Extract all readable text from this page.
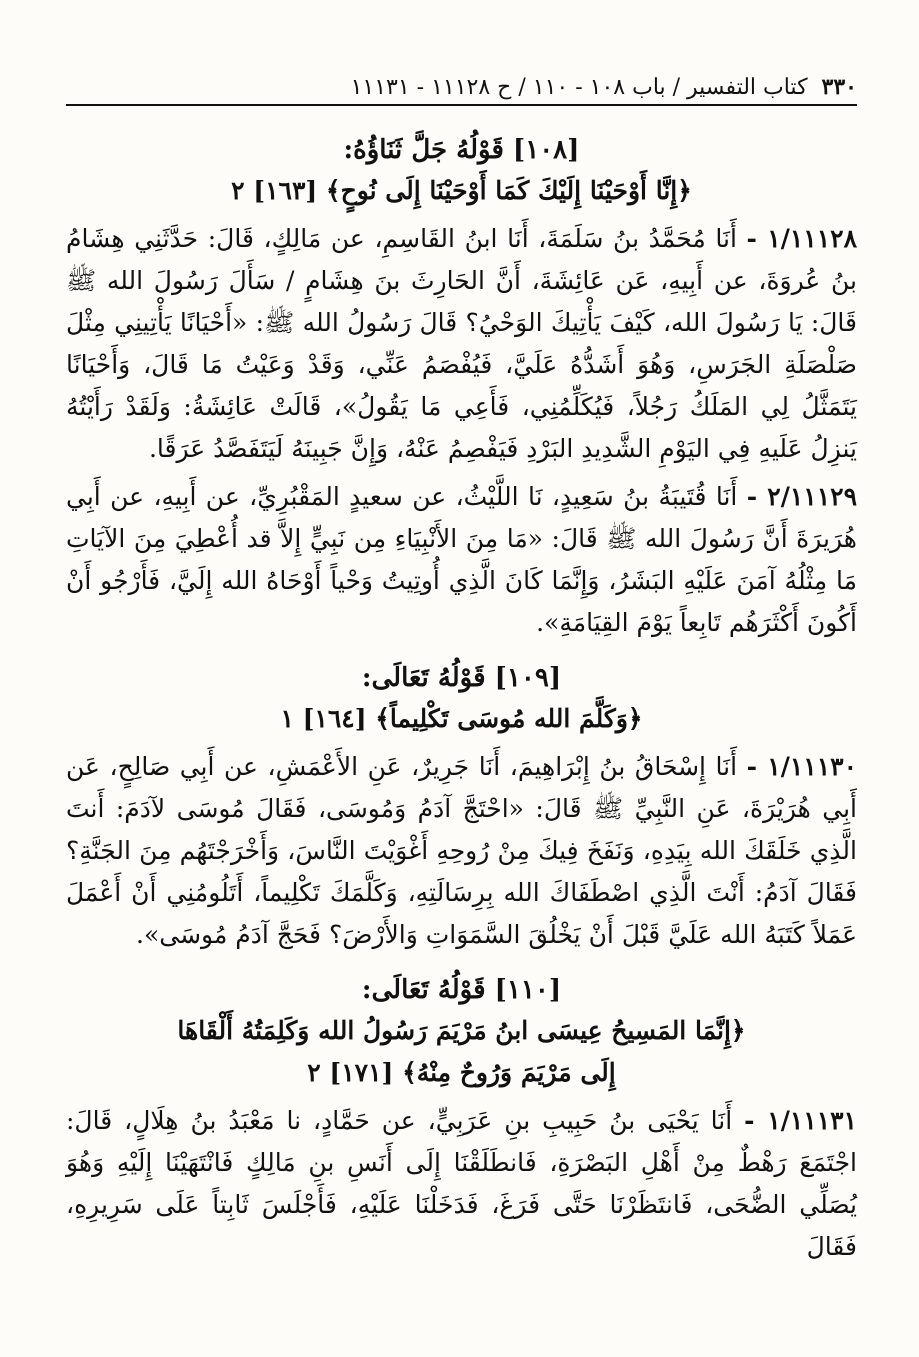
٣٣٠
كتاب التفسير / باب ١٠٨ - ١١٠ / ح ١١١٢٨ - ١١١٣١
[١٠٨] قَوْلُهُ جَلَّ ثَنَاؤُهُ:
﴿إِنَّا أَوْحَيْنَا إِلَيْكَ كَمَا أَوْحَيْنَا إِلَى نُوحٍ﴾ [١٦٣] ٢

١/١١١٢٨ - أَنَا مُحَمَّدُ بنُ سَلَمَةَ، أَنَا ابنُ القَاسِمِ، عن مَالِكٍ، قَالَ: حَدَّثَنِي هِشَامُ بنُ عُروَةَ، عن أَبِيهِ، عَن عَائِشَةَ، أَنَّ الحَارِثَ بنَ هِشَامٍ / سَأَلَ رَسُولَ الله ﷺ قَالَ: يَا رَسُولَ الله، كَيْفَ يَأْتِيكَ الوَحْيُ؟ قَالَ رَسُولُ الله ﷺ: «أَحْيَانًا يَأْتِينِي مِثْلَ صَلْصَلَةِ الجَرَسِ، وَهُوَ أَشَدُّهُ عَلَيَّ، فَيُفْصَمُ عَنِّي، وَقَدْ وَعَيْتُ مَا قَالَ، وَأَحْيَانًا يَتَمَثَّلُ لِي المَلَكُ رَجُلاً، فَيُكَلِّمُنِي، فَأَعِي مَا يَقُولُ»، قَالَتْ عَائِشَةُ: وَلَقَدْ رَأَيْتُهُ يَنزِلُ عَلَيهِ فِي اليَوْمِ الشَّدِيدِ البَرْدِ فَيَفْصِمُ عَنْهُ، وَإِنَّ جَبِينَهُ لَيَتَفَصَّدُ عَرَقًا.

٢/١١١٢٩ - أَنَا قُتَيبَةُ بنُ سَعِيدٍ، نَا اللَّيْثُ، عن سعيدٍ المَقْبُرِيِّ، عن أَبِيهِ، عن أَبِي هُرَيرَةَ أَنَّ رَسُولَ الله ﷺ قَالَ: «مَا مِنَ الأَنْبِيَاءِ مِن نَبِيٍّ إِلاَّ قد أُعْطِيَ مِنَ الآيَاتِ مَا مِثْلُهُ آمَنَ عَلَيْهِ البَشَرُ، وَإِنَّمَا كَانَ الَّذِي أُوتِيتُ وَحْياً أَوْحَاهُ الله إِلَيَّ، فَأَرْجُو أَنْ أَكُونَ أَكْثَرَهُم تَابِعاً يَوْمَ القِيَامَةِ».

[١٠٩] قَوْلُهُ تَعَالَى:
﴿وَكَلَّمَ الله مُوسَى تَكْلِيماً﴾ [١٦٤] ١

١/١١١٣٠ - أَنَا إِسْحَاقُ بنُ إِبْرَاهِيمَ، أَنَا جَرِيرٌ، عَنِ الأَعْمَشِ، عن أَبِي صَالِحٍ، عَن أَبِي هُرَيْرَةَ، عَنِ النَّبِيِّ ﷺ قَالَ: «احْتَجَّ آدَمُ وَمُوسَى، فَقَالَ مُوسَى لآدَمَ: أَنتَ الَّذِي خَلَقَكَ الله بِيَدِهِ، وَنَفَخَ فِيكَ مِنْ رُوحِهِ أَغْوَيْتَ النَّاسَ، وَأَخْرَجْتَهُم مِنَ الجَنَّةِ؟ فَقَالَ آدَمُ: أَنْتَ الَّذِي اصْطَفَاكَ الله بِرِسَالَتِهِ، وَكَلَّمَكَ تَكْلِيماً، أَتَلُومُنِي أَنْ أَعْمَلَ عَمَلاً كَتَبَهُ الله عَلَيَّ قَبْلَ أَنْ يَخْلُقَ السَّمَوَاتِ وَالأَرْضَ؟ فَحَجَّ آدَمُ مُوسَى».

[١١٠] قَوْلُهُ تَعَالَى:
﴿إِنَّمَا المَسِيحُ عِيسَى ابنُ مَرْيَمَ رَسُولُ الله وَكَلِمَتُهُ أَلْقَاهَا
إِلَى مَرْيَمَ وَرُوحٌ مِنْهُ﴾ [١٧١] ٢

١/١١١٣١ - أَنَا يَحْيَى بنُ حَبِيبِ بنِ عَرَبِيٍّ، عن حَمَّادٍ، نا مَعْبَدُ بنُ هِلَالٍ، قَالَ: اجْتَمَعَ رَهْطٌ مِنْ أَهْلِ البَصْرَةِ، فَانطَلَقْنَا إِلَى أَنَسِ بنِ مَالِكٍ فَانْتَهَيْنَا إِلَيْهِ وَهُوَ يُصَلِّي الضُّحَى، فَانتَظَرْنَا حَتَّى فَرَغَ، فَدَخَلْنَا عَلَيْهِ، فَأَجْلَسَ ثَابِتاً عَلَى سَرِيرِهِ، فَقَالَ
